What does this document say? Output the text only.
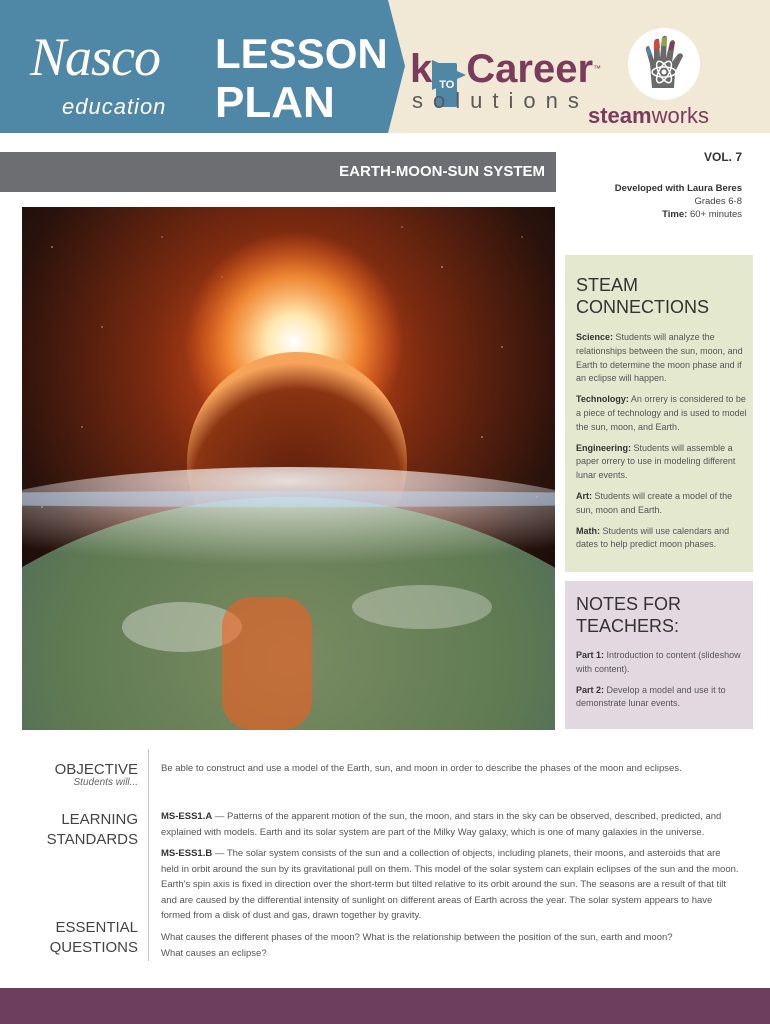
Nasco
education
LESSON
PLAN
k TO Career™
solutions
steamworks
EARTH-MOON-SUN SYSTEM
VOL. 7
Developed with Laura Beres
Grades 6-8
Time: 60+ minutes
STEAM
CONNECTIONS

Science: Students will analyze the relationships between the sun, moon, and Earth to determine the moon phase and if an eclipse will happen.

Technology: An orrery is considered to be a piece of technology and is used to model the sun, moon, and Earth.

Engineering: Students will assemble a paper orrery to use in modeling different lunar events.

Art: Students will create a model of the sun, moon and Earth.

Math: Students will use calendars and dates to help predict moon phases.

NOTES FOR
TEACHERS:

Part 1: Introduction to content (slideshow with content).

Part 2: Develop a model and use it to demonstrate lunar events.

OBJECTIVE
Students will...
Be able to construct and use a model of the Earth, sun, and moon in order to describe the phases of the moon and eclipses.
LEARNING
STANDARDS
MS-ESS1.A — Patterns of the apparent motion of the sun, the moon, and stars in the sky can be observed, described, predicted, and explained with models. Earth and its solar system are part of the Milky Way galaxy, which is one of many galaxies in the universe.
MS-ESS1.B — The solar system consists of the sun and a collection of objects, including planets, their moons, and asteroids that are held in orbit around the sun by its gravitational pull on them. This model of the solar system can explain eclipses of the sun and the moon. Earth's spin axis is fixed in direction over the short-term but tilted relative to its orbit around the sun. The seasons are a result of that tilt and are caused by the differential intensity of sunlight on different areas of Earth across the year. The solar system appears to have formed from a disk of dust and gas, drawn together by gravity.
ESSENTIAL
QUESTIONS
What causes the different phases of the moon? What is the relationship between the position of the sun, earth and moon?
What causes an eclipse?
